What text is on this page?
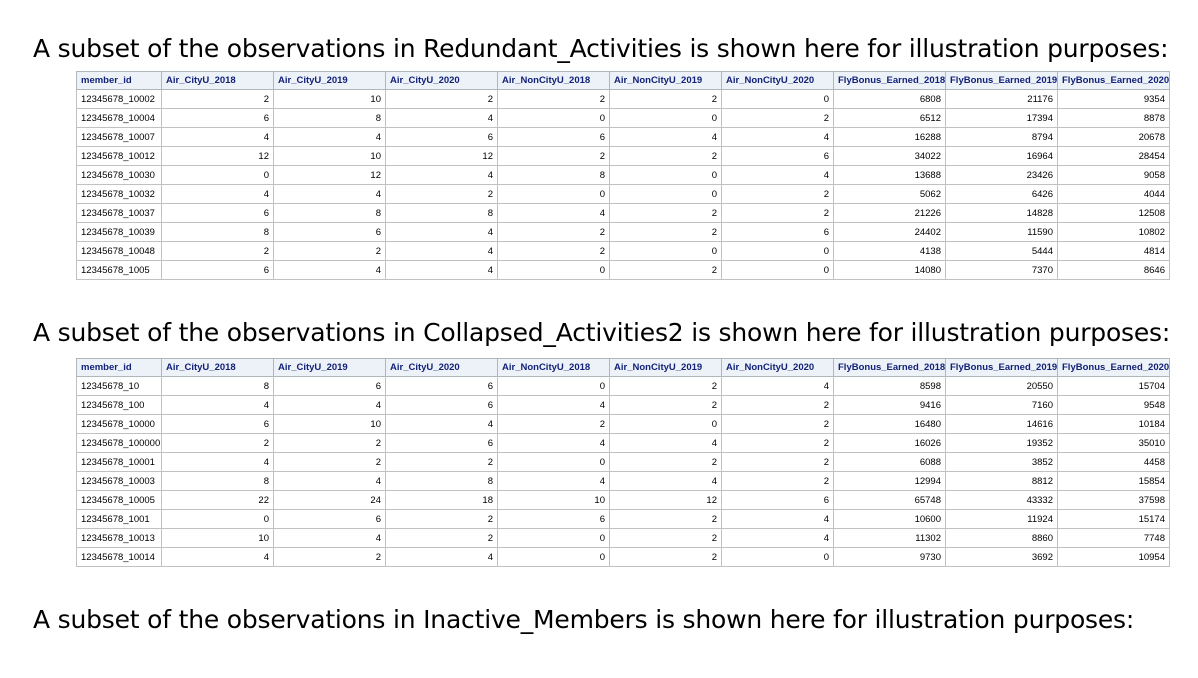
A subset of the observations in Redundant_Activities is shown here for illustration purposes:
member_id	Air_CityU_2018	Air_CityU_2019	Air_CityU_2020	Air_NonCityU_2018	Air_NonCityU_2019	Air_NonCityU_2020	FlyBonus_Earned_2018	FlyBonus_Earned_2019	FlyBonus_Earned_2020
12345678_10002	2	10	2	2	2	0	6808	21176	9354
12345678_10004	6	8	4	0	0	2	6512	17394	8878
12345678_10007	4	4	6	6	4	4	16288	8794	20678
12345678_10012	12	10	12	2	2	6	34022	16964	28454
12345678_10030	0	12	4	8	0	4	13688	23426	9058
12345678_10032	4	4	2	0	0	2	5062	6426	4044
12345678_10037	6	8	8	4	2	2	21226	14828	12508
12345678_10039	8	6	4	2	2	6	24402	11590	10802
12345678_10048	2	2	4	2	0	0	4138	5444	4814
12345678_1005	6	4	4	0	2	0	14080	7370	8646
A subset of the observations in Collapsed_Activities2 is shown here for illustration purposes:
member_id	Air_CityU_2018	Air_CityU_2019	Air_CityU_2020	Air_NonCityU_2018	Air_NonCityU_2019	Air_NonCityU_2020	FlyBonus_Earned_2018	FlyBonus_Earned_2019	FlyBonus_Earned_2020
12345678_10	8	6	6	0	2	4	8598	20550	15704
12345678_100	4	4	6	4	2	2	9416	7160	9548
12345678_10000	6	10	4	2	0	2	16480	14616	10184
12345678_100000	2	2	6	4	4	2	16026	19352	35010
12345678_10001	4	2	2	0	2	2	6088	3852	4458
12345678_10003	8	4	8	4	4	2	12994	8812	15854
12345678_10005	22	24	18	10	12	6	65748	43332	37598
12345678_1001	0	6	2	6	2	4	10600	11924	15174
12345678_10013	10	4	2	0	2	4	11302	8860	7748
12345678_10014	4	2	4	0	2	0	9730	3692	10954
A subset of the observations in Inactive_Members is shown here for illustration purposes:
